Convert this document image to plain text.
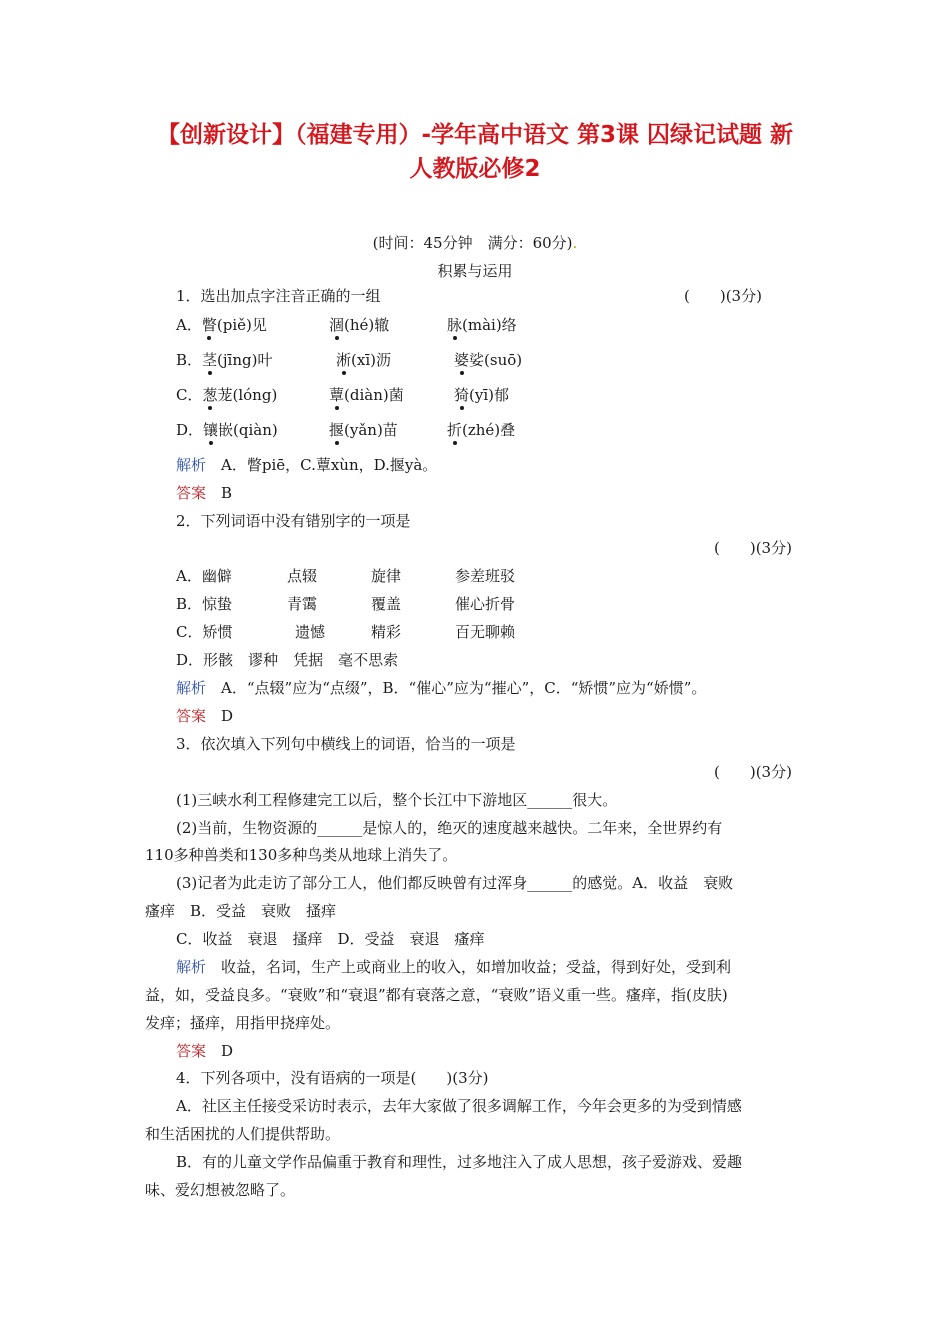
【创新设计】（福建专用）-学年高中语文 第3课 囚绿记试题 新
人教版必修2
(时间：45分钟　满分：60分).
积累与运用
1．选出加点字注音正确的一组	(　　)(3分)
A．瞥(piě)见	涸(hé)辙	脉(mài)络
B．茎(jīng)叶	淅(xī)沥	婆娑(suō)
C．葱茏(lóng)	蕈(diàn)菌	猗(yī)郁
D．镶嵌(qiàn)	揠(yǎn)苗	折(zhé)叠
解析　 A．瞥piē，C.蕈xùn，D.揠yà。
答案　 B
2．下列词语中没有错别字的一项是
(　　)(3分)
A．幽僻	点辍	旋律	参差班驳
B．惊蛰	青霭	覆盖	催心折骨
C．矫惯	遗憾	精彩	百无聊赖
D．形骸　 谬种　 凭据　 毫不思索
解析　 A．“点辍”应为“点缀”，B．“催心”应为“摧心”，C．“矫惯”应为“娇惯”。
答案　 D
3．依次填入下列句中横线上的词语，恰当的一项是
(　　)(3分)
(1)三峡水利工程修建完工以后，整个长江中下游地区______很大。
(2)当前，生物资源的______是惊人的，绝灭的速度越来越快。二年来，全世界约有
110多种兽类和130多种鸟类从地球上消失了。
(3)记者为此走访了部分工人，他们都反映曾有过浑身______的感觉。A．收益　衰败
瘙痒　B．受益　衰败　搔痒
C．收益　衰退　搔痒　D．受益　衰退　瘙痒
解析　 收益，名词，生产上或商业上的收入，如增加收益；受益，得到好处，受到利
益，如，受益良多。“衰败”和“衰退”都有衰落之意，“衰败”语义重一些。瘙痒，指(皮肤)
发痒；搔痒，用指甲挠痒处。
答案　 D
4．下列各项中，没有语病的一项是(　　)(3分)
A．社区主任接受采访时表示，去年大家做了很多调解工作，今年会更多的为受到情感
和生活困扰的人们提供帮助。
B．有的儿童文学作品偏重于教育和理性，过多地注入了成人思想，孩子爱游戏、爱趣
味、爱幻想被忽略了。
